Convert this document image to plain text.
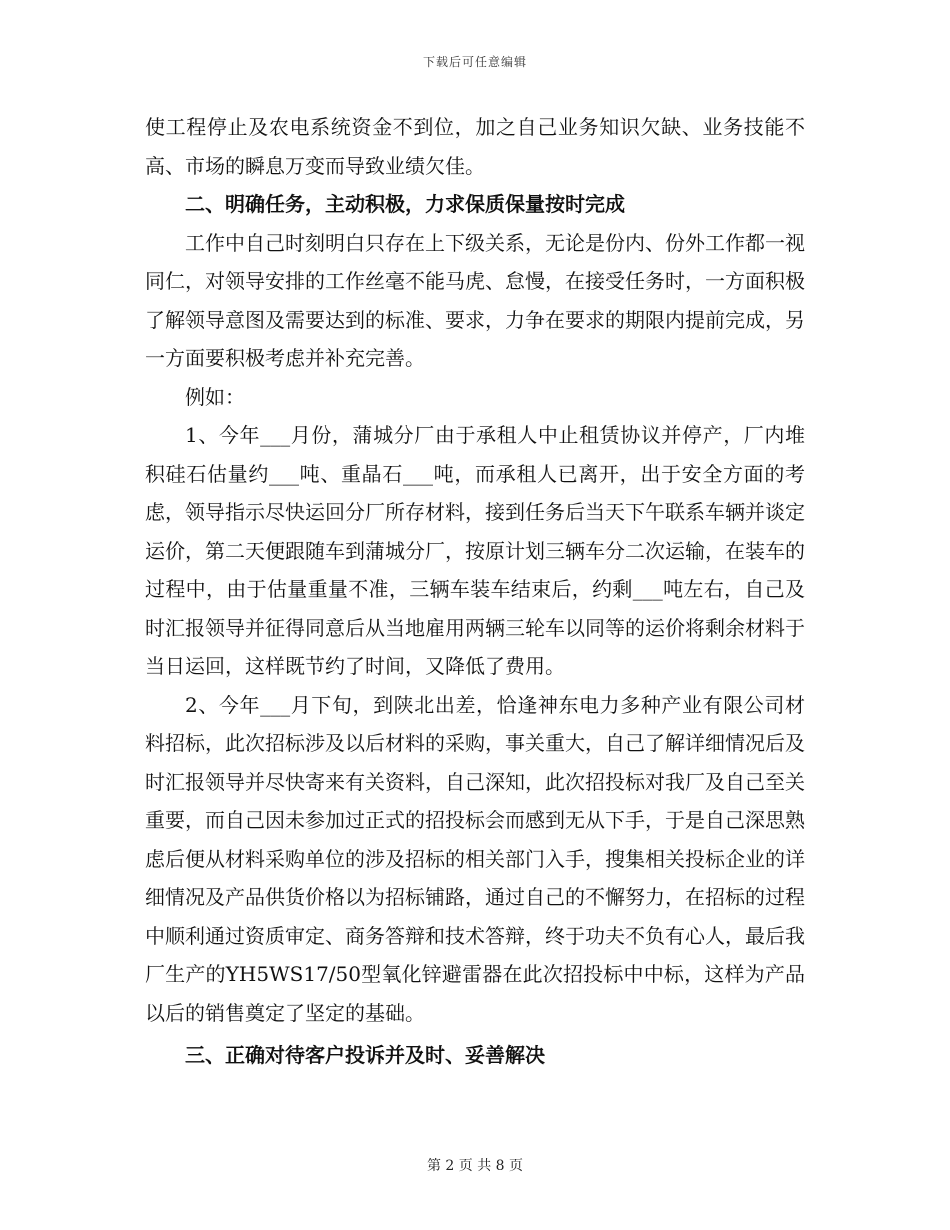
下载后可任意编辑

使工程停止及农电系统资金不到位，加之自己业务知识欠缺、业务技能不高、市场的瞬息万变而导致业绩欠佳。

二、明确任务，主动积极，力求保质保量按时完成

工作中自己时刻明白只存在上下级关系，无论是份内、份外工作都一视同仁，对领导安排的工作丝毫不能马虎、怠慢，在接受任务时，一方面积极了解领导意图及需要达到的标准、要求，力争在要求的期限内提前完成，另一方面要积极考虑并补充完善。

例如：

1、今年___月份，蒲城分厂由于承租人中止租赁协议并停产，厂内堆积硅石估量约___吨、重晶石___吨，而承租人已离开，出于安全方面的考虑，领导指示尽快运回分厂所存材料，接到任务后当天下午联系车辆并谈定运价，第二天便跟随车到蒲城分厂，按原计划三辆车分二次运输，在装车的过程中，由于估量重量不准，三辆车装车结束后，约剩___吨左右，自己及时汇报领导并征得同意后从当地雇用两辆三轮车以同等的运价将剩余材料于当日运回，这样既节约了时间，又降低了费用。

2、今年___月下旬，到陕北出差，恰逢神东电力多种产业有限公司材料招标，此次招标涉及以后材料的采购，事关重大，自己了解详细情况后及时汇报领导并尽快寄来有关资料，自己深知，此次招投标对我厂及自己至关重要，而自己因未参加过正式的招投标会而感到无从下手，于是自己深思熟虑后便从材料采购单位的涉及招标的相关部门入手，搜集相关投标企业的详细情况及产品供货价格以为招标铺路，通过自己的不懈努力，在招标的过程中顺利通过资质审定、商务答辩和技术答辩，终于功夫不负有心人，最后我厂生产的YH5WS17/50型氧化锌避雷器在此次招投标中中标，这样为产品以后的销售奠定了坚定的基础。

三、正确对待客户投诉并及时、妥善解决

第 2 页 共 8 页
